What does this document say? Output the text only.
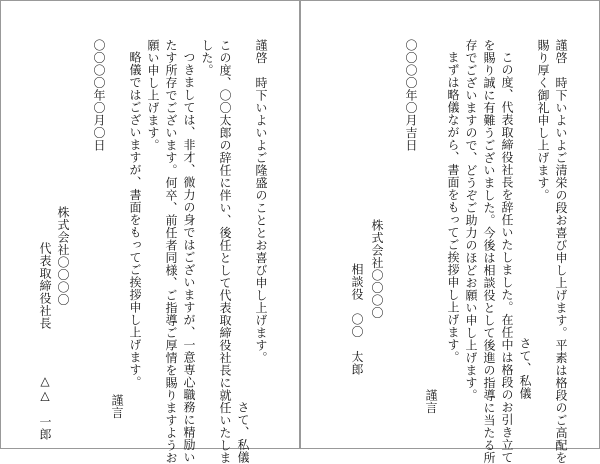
謹啓　時下いよいよご隆盛のこととお喜び申し上げます。
さて、私儀
この度、〇〇太郎の辞任に伴い、後任として代表取締役社長に就任いたしま
した。
つきましては、非才、微力の身ではございますが、一意専心職務に精励い
たす所存でございます。何卒、前任者同様、ご指導ご厚情を賜りますようお
願い申し上げます。
略儀ではございますが、書面をもってご挨拶申し上げます。
謹言
株式会社〇〇〇〇
代表取締役社長
△△　一郎
〇〇〇〇年〇月〇日	謹啓　時下いよいよご清栄の段お喜び申し上げます。平素は格段のご高配を
賜り厚く御礼申し上げます。
さて、私儀
この度、代表取締役社長を辞任いたしました。在任中は格段のお引き立て
を賜り誠に有難うございました。今後は相談役として後進の指導に当たる所
存でございますので、どうぞご助力のほどお願い申し上げます。
まずは略儀ながら、書面をもってご挨拶申し上げます。
謹言
株式会社〇〇〇〇
相談役　〇〇　太郎
〇〇〇〇年〇月吉日
